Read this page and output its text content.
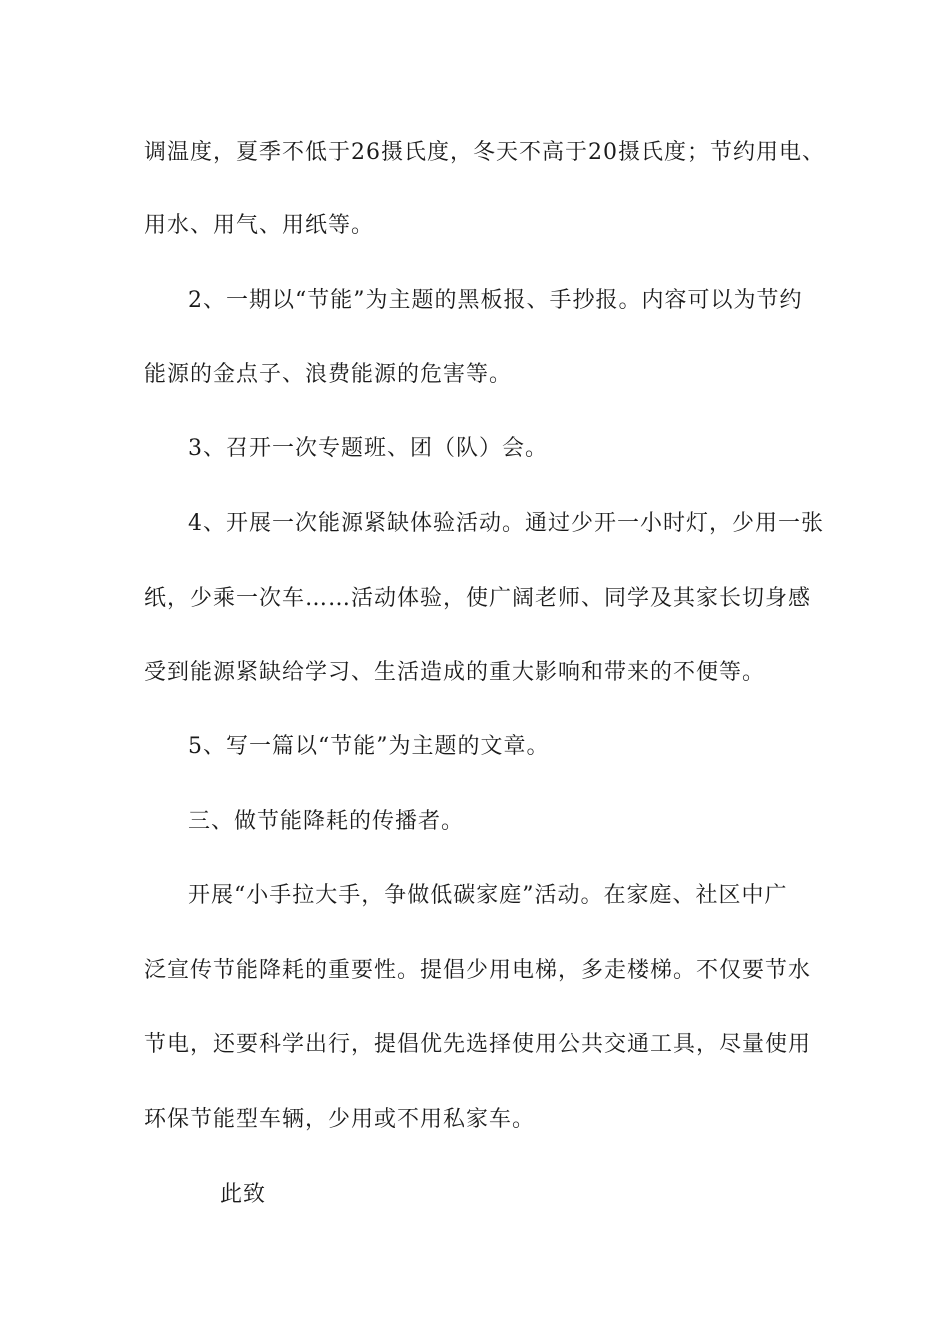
调温度，夏季不低于26摄氏度，冬天不高于20摄氏度；节约用电、
用水、用气、用纸等。
2、一期以“节能”为主题的黑板报、手抄报。内容可以为节约
能源的金点子、浪费能源的危害等。
3、召开一次专题班、团（队）会。
4、开展一次能源紧缺体验活动。通过少开一小时灯，少用一张
纸，少乘一次车……活动体验，使广阔老师、同学及其家长切身感
受到能源紧缺给学习、生活造成的重大影响和带来的不便等。
5、写一篇以“节能”为主题的文章。
三、做节能降耗的传播者。
开展“小手拉大手，争做低碳家庭”活动。在家庭、社区中广
泛宣传节能降耗的重要性。提倡少用电梯，多走楼梯。不仅要节水
节电，还要科学出行，提倡优先选择使用公共交通工具，尽量使用
环保节能型车辆，少用或不用私家车。
此致
